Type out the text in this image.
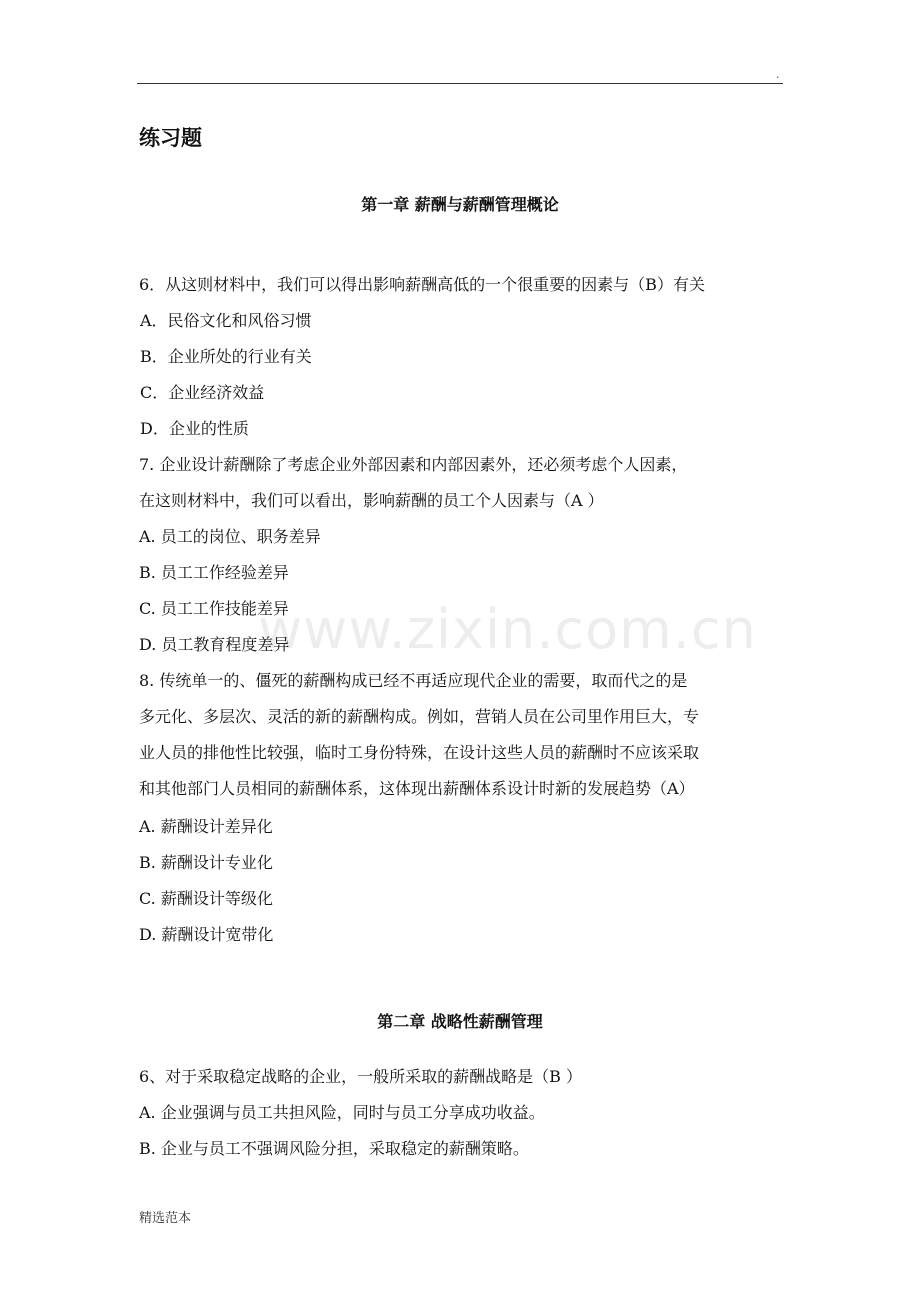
.
练习题
第一章 薪酬与薪酬管理概论
6．从这则材料中，我们可以得出影响薪酬高低的一个很重要的因素与（B）有关
A．民俗文化和风俗习惯
B．企业所处的行业有关
C．企业经济效益
D．企业的性质
7. 企业设计薪酬除了考虑企业外部因素和内部因素外，还必须考虑个人因素，
在这则材料中，我们可以看出，影响薪酬的员工个人因素与（A ）
A. 员工的岗位、职务差异
B. 员工工作经验差异
C. 员工工作技能差异
D. 员工教育程度差异
8. 传统单一的、僵死的薪酬构成已经不再适应现代企业的需要，取而代之的是
多元化、多层次、灵活的新的薪酬构成。例如，营销人员在公司里作用巨大，专
业人员的排他性比较强，临时工身份特殊，在设计这些人员的薪酬时不应该采取
和其他部门人员相同的薪酬体系，这体现出薪酬体系设计时新的发展趋势（A）
A. 薪酬设计差异化
B. 薪酬设计专业化
C. 薪酬设计等级化
D. 薪酬设计宽带化
第二章 战略性薪酬管理
6、对于采取稳定战略的企业，一般所采取的薪酬战略是（B ）
A. 企业强调与员工共担风险，同时与员工分享成功收益。
B. 企业与员工不强调风险分担，采取稳定的薪酬策略。
www.zixin.com.cn
精选范本
